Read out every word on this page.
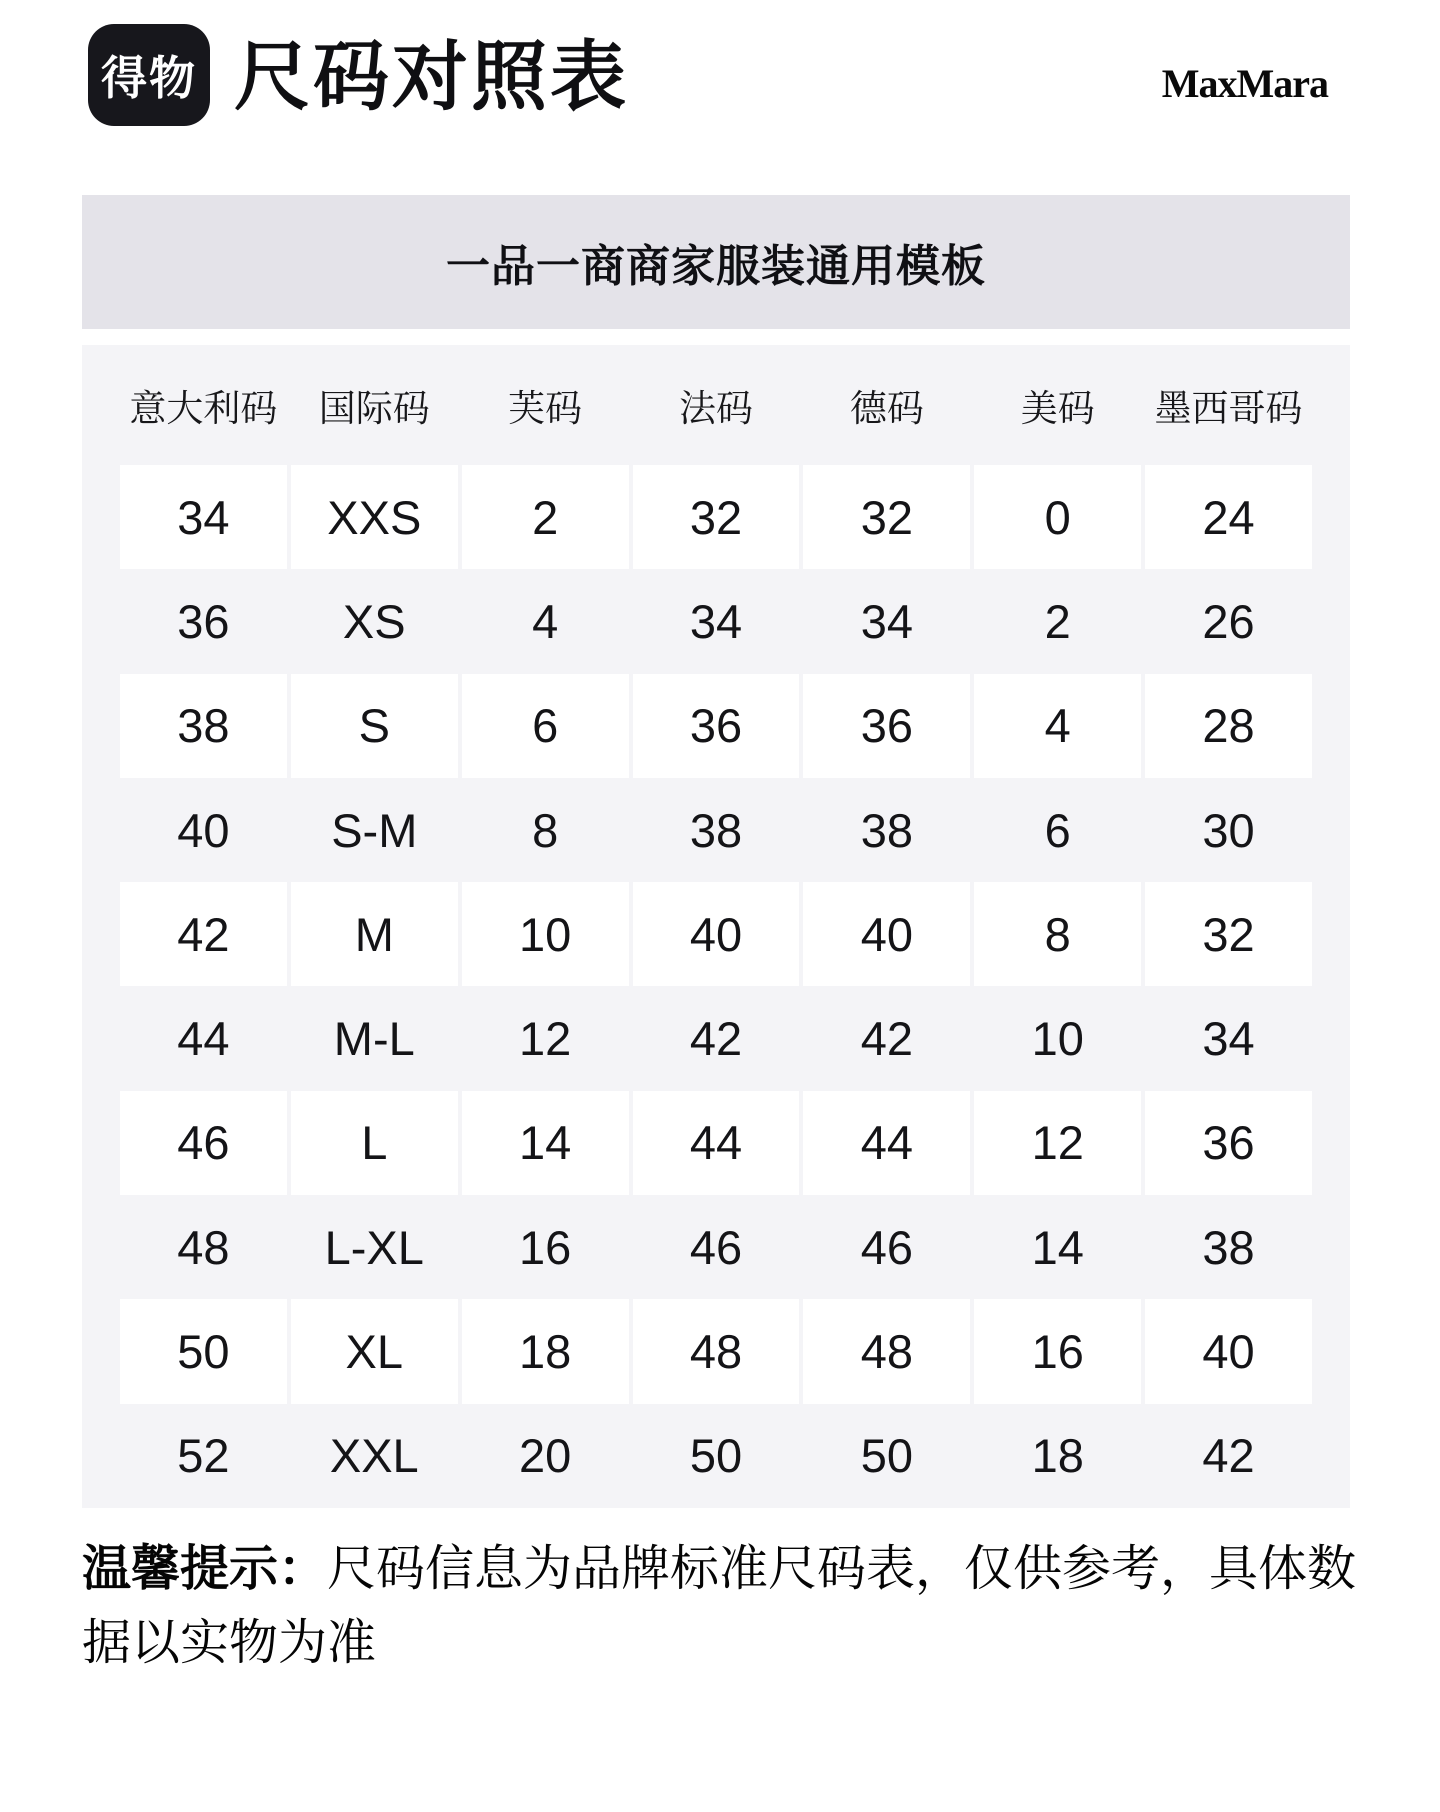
得物 尺码对照表	MaxMara
一品一商商家服装通用模板
意大利码	国际码	芙码	法码	德码	美码	墨西哥码
34	XXS	2	32	32	0	24
36	XS	4	34	34	2	26
38	S	6	36	36	4	28
40	S-M	8	38	38	6	30
42	M	10	40	40	8	32
44	M-L	12	42	42	10	34
46	L	14	44	44	12	36
48	L-XL	16	46	46	14	38
50	XL	18	48	48	16	40
52	XXL	20	50	50	18	42
温馨提示：尺码信息为品牌标准尺码表，仅供参考，具体数
据以实物为准
